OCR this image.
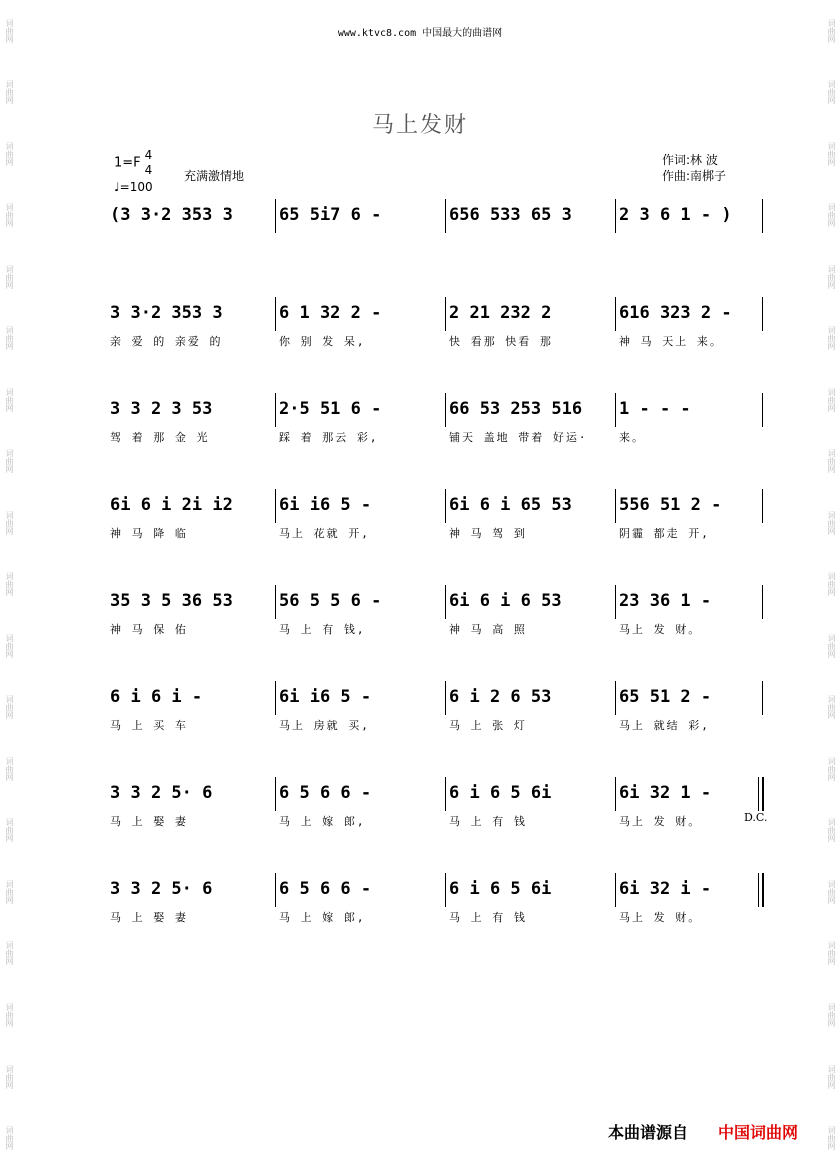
词曲网
词曲网
词曲网
词曲网
词曲网
词曲网
词曲网
词曲网
词曲网
词曲网
词曲网
词曲网
词曲网
词曲网
词曲网
词曲网
词曲网
词曲网
词曲网
词曲网
词曲网
词曲网
词曲网
词曲网
词曲网
词曲网
词曲网
词曲网
词曲网
词曲网
词曲网
词曲网
词曲网
词曲网
词曲网
词曲网
词曲网
词曲网
www.ktvc8.com 中国最大的曲谱网
马上发财
1=F4
4
♩=100
充满激情地
作词:林 波
作曲:南梆子
(3 3·2 353 3	65 5i7 6 -	656 533 65 3	2 3 6 1 - )
3 3·2 353 3
亲 爱 的 亲爱 的
6 1 32 2 -
你 别 发 呆,
2 21 232 2
快 看那 快看 那
616 323 2 -
神 马 天上 来。
3 3 2 3 53
驾 着 那 金 光
2·5 51 6 -
踩 着 那云 彩,
66 53 253 516
铺天 盖地 带着 好运·
1 - - -
来。
6i 6 i 2i i2
神 马 降 临
6i i6 5 -
马上 花就 开,
6i 6 i 65 53
神 马 驾 到
556 51 2 -
阴霾 都走 开,
35 3 5 36 53
神 马 保 佑
56 5 5 6 -
马 上 有 钱,
6i 6 i 6 53
神 马 高 照
23 36 1 -
马上 发 财。
6 i 6 i -
马 上 买 车
6i i6 5 -
马上 房就 买,
6 i 2 6 53
马 上 张 灯
65 51 2 -
马上 就结 彩,
3 3 2 5· 6
马 上 娶 妻
6 5 6 6 -
马 上 嫁 郎,
6 i 6 5 6i
马 上 有 钱
6i 32 1 -
马上 发 财。	D.C.
3 3 2 5· 6
马 上 娶 妻
6 5 6 6 -
马 上 嫁 郎,
6 i 6 5 6i
马 上 有 钱
6i 32 i -
马上 发 财。
本曲谱源自 中国词曲网
